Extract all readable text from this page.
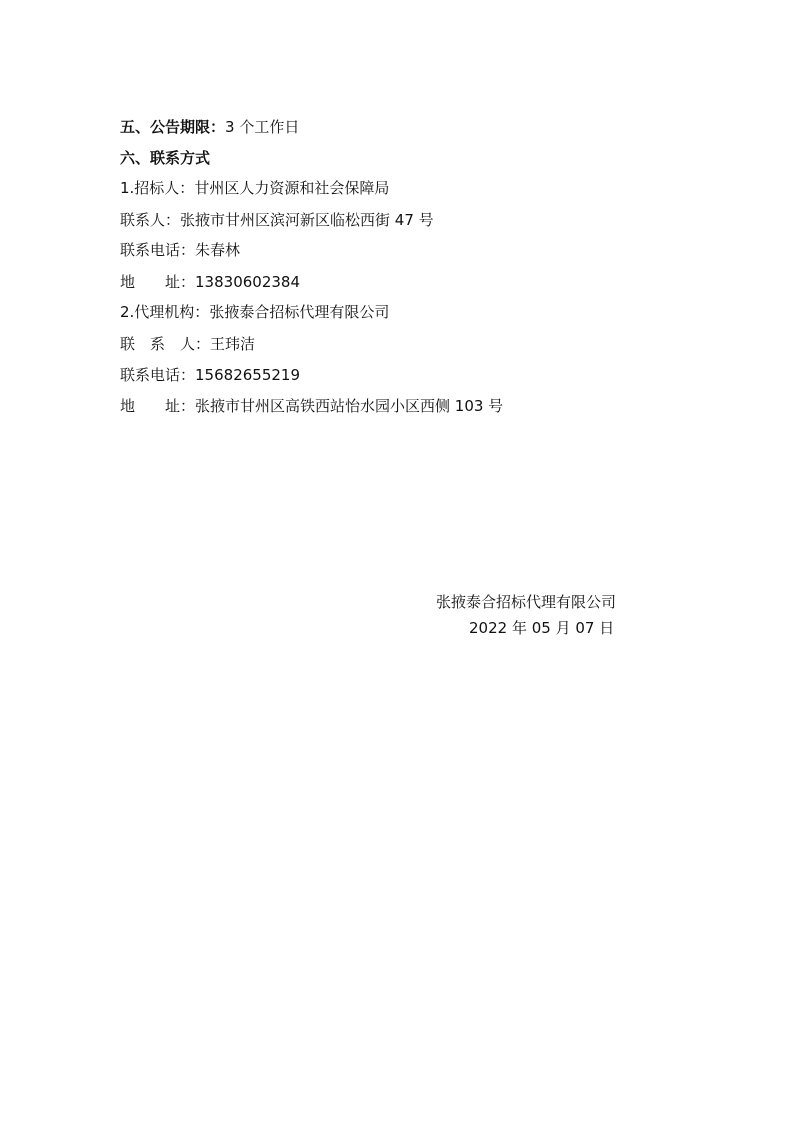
五、公告期限：3 个工作日
六、联系方式
1.招标人：甘州区人力资源和社会保障局
联系人：张掖市甘州区滨河新区临松西街 47 号
联系电话：朱春林
地　　址：13830602384
2.代理机构：张掖泰合招标代理有限公司
联　系　人：王玮洁
联系电话：15682655219
地　　址：张掖市甘州区高铁西站怡水园小区西侧 103 号
张掖泰合招标代理有限公司
2022 年 05 月 07 日
